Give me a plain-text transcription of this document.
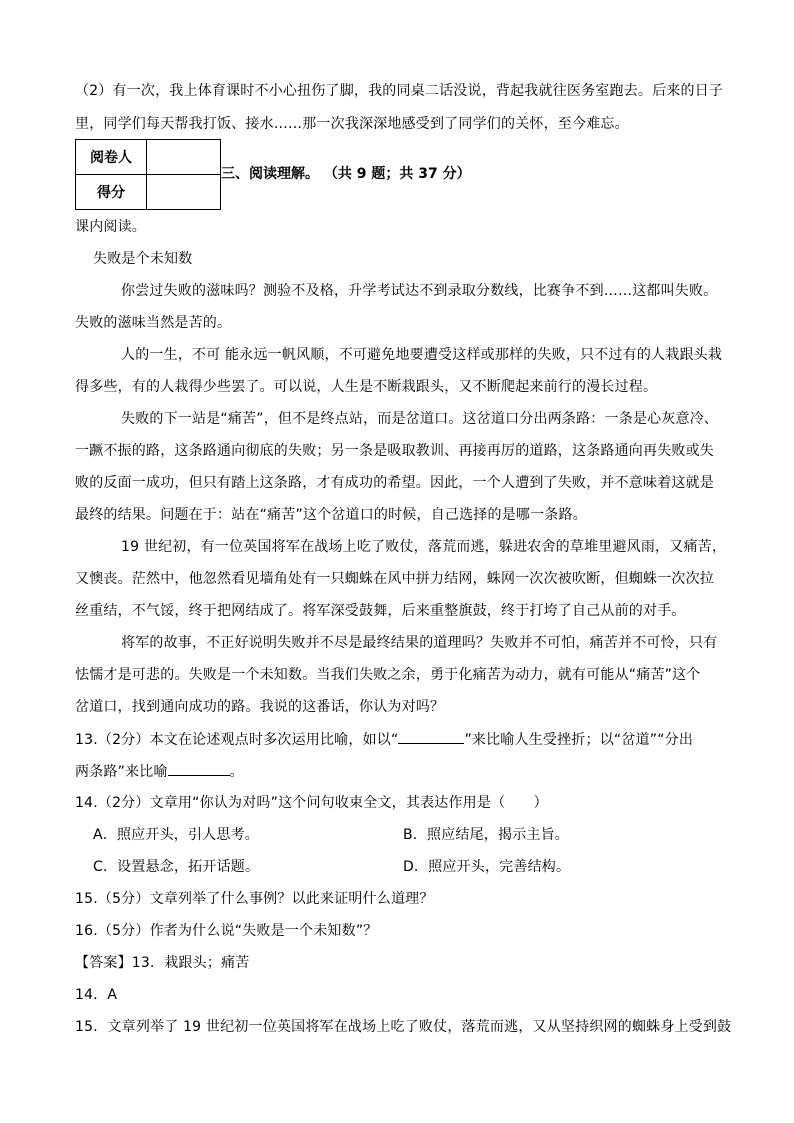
（2）有一次，我上体育课时不小心扭伤了脚，我的同桌二话没说，背起我就往医务室跑去。后来的日子
里，同学们每天帮我打饭、接水……那一次我深深地感受到了同学们的关怀，至今难忘。
阅卷人	
得分	
三、阅读理解。 （共 9 题；共 37 分）
课内阅读。
失败是个未知数
你尝过失败的滋味吗？测验不及格，升学考试达不到录取分数线，比赛争不到……这都叫失败。
失败的滋味当然是苦的。
人的一生，不可 能永远一帆风顺，不可避免地要遭受这样或那样的失败，只不过有的人栽跟头栽
得多些，有的人栽得少些罢了。可以说，人生是不断栽跟头，又不断爬起来前行的漫长过程。
失败的下一站是“痛苦”，但不是终点站，而是岔道口。这岔道口分出两条路：一条是心灰意冷、
一蹶不振的路，这条路通向彻底的失败；另一条是吸取教训、再接再厉的道路，这条路通向再失败或失
败的反面一成功，但只有踏上这条路，才有成功的希望。因此，一个人遭到了失败，并不意味着这就是
最终的结果。问题在于：站在“痛苦”这个岔道口的时候，自己选择的是哪一条路。
19 世纪初，有一位英国将军在战场上吃了败仗，落荒而逃，躲进农舍的草堆里避风雨，又痛苦，
又懊丧。茫然中，他忽然看见墙角处有一只蜘蛛在风中拼力结网，蛛网一次次被吹断，但蜘蛛一次次拉
丝重结，不气馁，终于把网结成了。将军深受鼓舞，后来重整旗鼓，终于打垮了自己从前的对手。
将军的故事，不正好说明失败并不尽是最终结果的道理吗？失败并不可怕，痛苦并不可怜，只有
怯懦才是可悲的。失败是一个未知数。当我们失败之余，勇于化痛苦为动力，就有可能从“痛苦”这个
岔道口，找到通向成功的路。我说的这番话，你认为对吗？
13.（2分）本文在论述观点时多次运用比喻，如以“	”来比喻人生受挫折；以“岔道”“分出
两条路”来比喻	。
14.（2分）文章用“你认为对吗”这个问句收束全文，其表达作用是（　　）
A．照应开头，引人思考。	B．照应结尾，揭示主旨。
C．设置悬念，拓开话题。	D．照应开头，完善结构。
15.（5分）文章列举了什么事例？以此来证明什么道理？
16.（5分）作者为什么说“失败是一个未知数”？
【答案】13．栽跟头；痛苦
14．A
15．文章列举了 19 世纪初一位英国将军在战场上吃了败仗，落荒而逃，又从坚持织网的蜘蛛身上受到鼓
